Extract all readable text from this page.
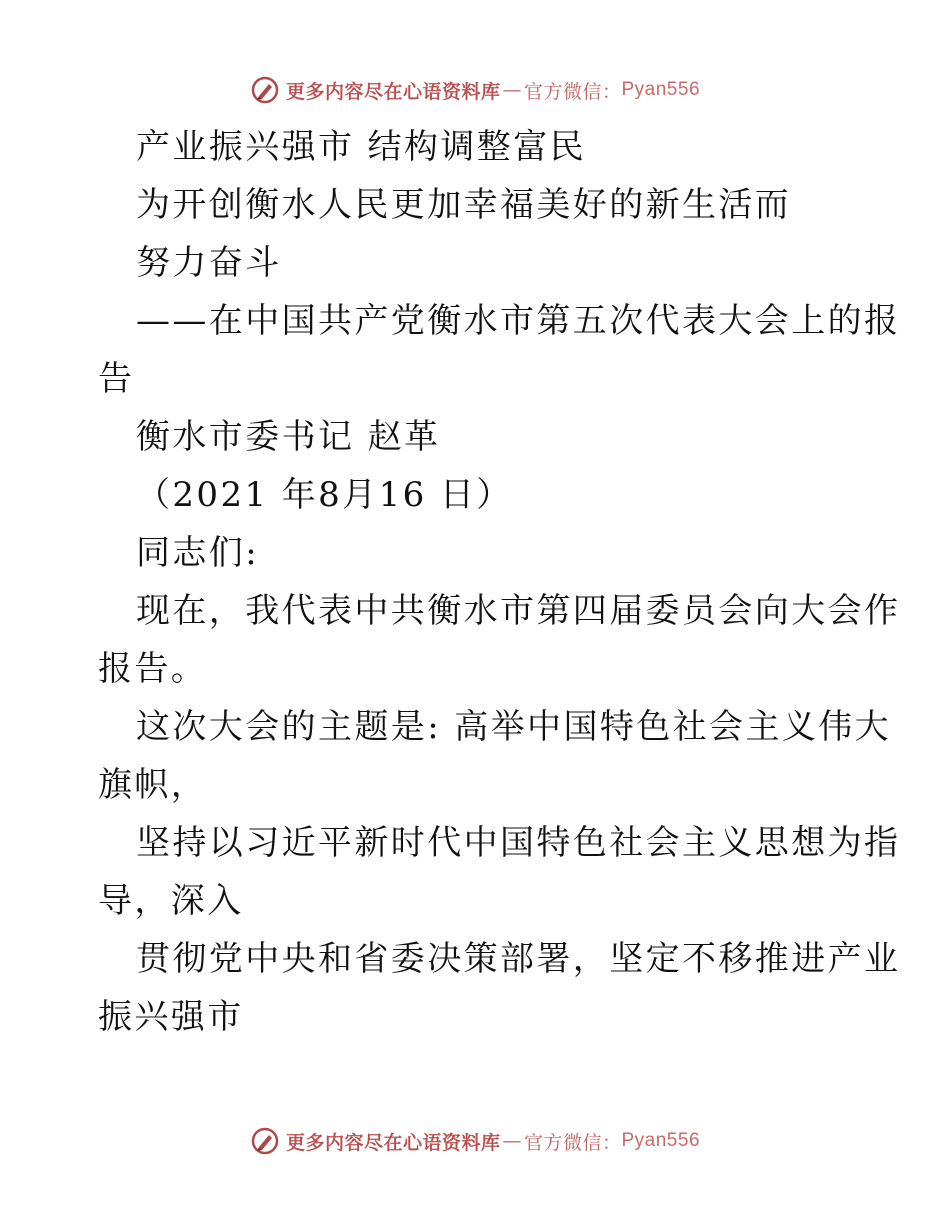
更多内容尽在心语资料库 — 官方微信： Pyan556
产业振兴强市 结构调整富民
为开创衡水人民更加幸福美好的新生活而
努力奋斗
——在中国共产党衡水市第五次代表大会上的报
告
衡水市委书记 赵革
（2021 年8月16 日）
同志们:
现在，我代表中共衡水市第四届委员会向大会作
报告。
这次大会的主题是: 高举中国特色社会主义伟大
旗帜，
坚持以习近平新时代中国特色社会主义思想为指
导，深入
贯彻党中央和省委决策部署，坚定不移推进产业
振兴强市
更多内容尽在心语资料库 — 官方微信： Pyan556
